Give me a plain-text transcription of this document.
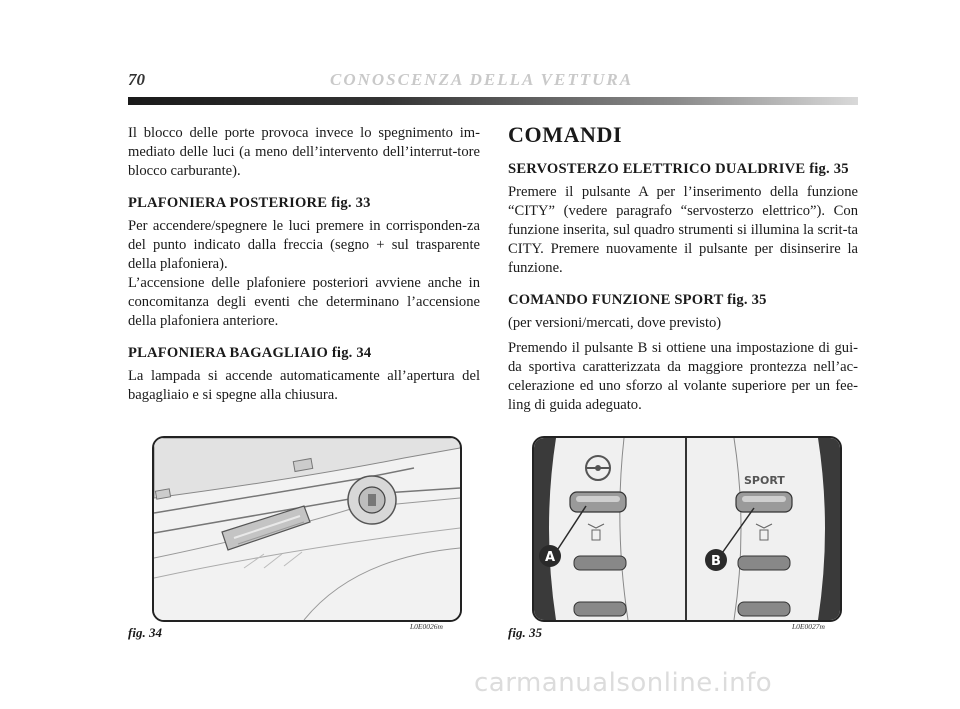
70	CONOSCENZA DELLA VETTURA

Il blocco delle porte provoca invece lo spegnimento im-mediato delle luci (a meno dell’intervento dell’interrut-tore blocco carburante).

PLAFONIERA POSTERIORE fig. 33

Per accendere/spegnere le luci premere in corrisponden-za del punto indicato dalla freccia (segno + sul trasparente della plafoniera).

L’accensione delle plafoniere posteriori avviene anche in concomitanza degli eventi che determinano l’accensione della plafoniera anteriore.

PLAFONIERA BAGAGLIAIO fig. 34

La lampada si accende automaticamente all’apertura del bagagliaio e si spegne alla chiusura.

COMANDI
SERVOSTERZO ELETTRICO DUALDRIVE fig. 35

Premere il pulsante A per l’inserimento della funzione “CITY” (vedere paragrafo “servosterzo elettrico”). Con funzione inserita, sul quadro strumenti si illumina la scrit-ta CITY. Premere nuovamente il pulsante per disinserire la funzione.

COMANDO FUNZIONE SPORT fig. 35

(per versioni/mercati, dove previsto)

Premendo il pulsante B si ottiene una impostazione di gui-da sportiva caratterizzata da maggiore prontezza nell’ac-celerazione ed uno sforzo al volante superiore per un fee-ling di guida adeguato.

fig. 34	L0E0026m
SPORT
A	B
fig. 35	L0E0027m
carmanualsonline.info
